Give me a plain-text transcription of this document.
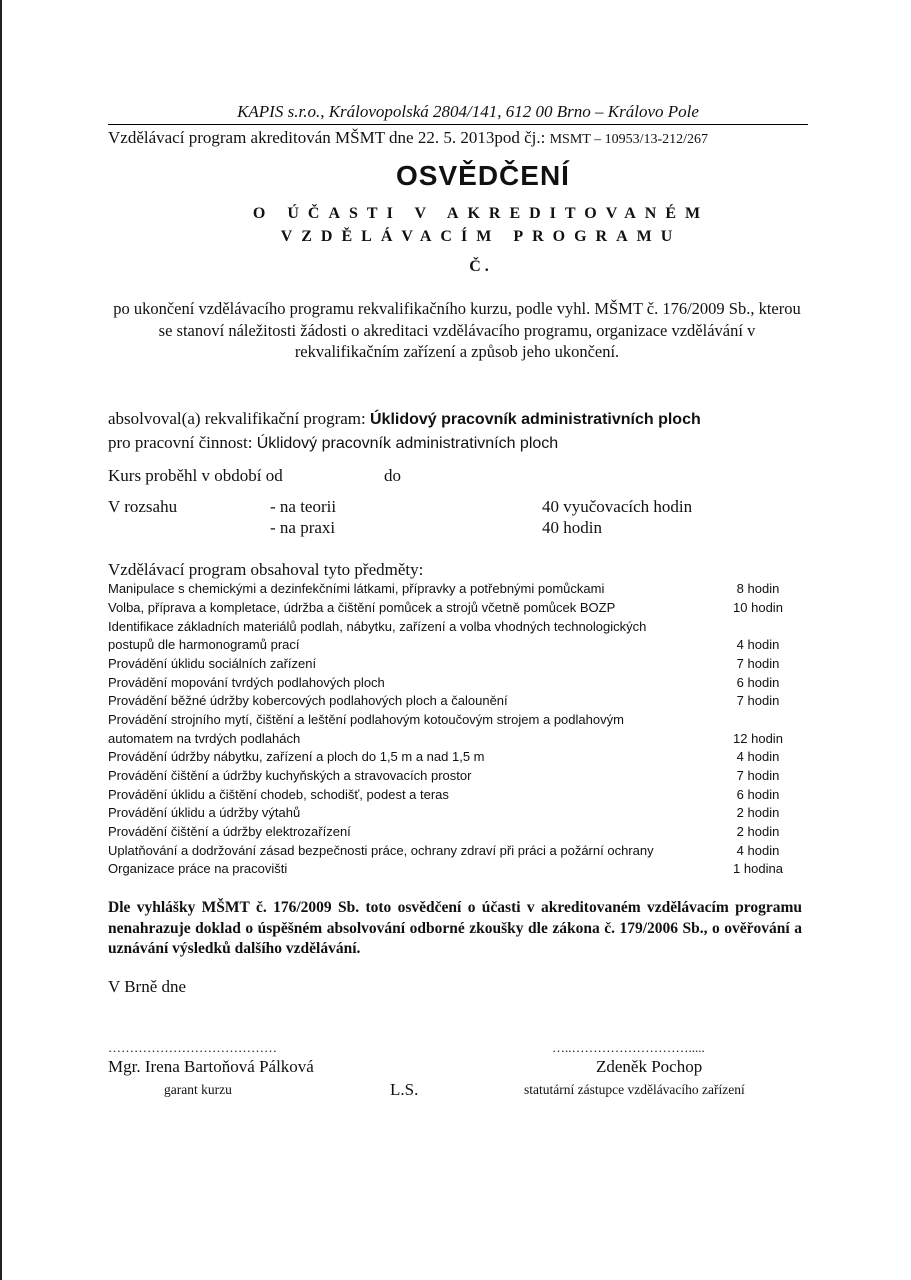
KAPIS s.r.o., Královopolská 2804/141, 612 00 Brno – Královo Pole
Vzdělávací program akreditován MŠMT dne 22. 5. 2013pod čj.: MSMT – 10953/13-212/267
OSVĚDČENÍ
O ÚČASTI V AKREDITOVANÉM
VZDĚLÁVACÍM PROGRAMU
Č.
po ukončení vzdělávacího programu rekvalifikačního kurzu, podle vyhl. MŠMT č. 176/2009 Sb., kterou se stanoví náležitosti žádosti o akreditaci vzdělávacího programu, organizace vzdělávání v rekvalifikačním zařízení a způsob jeho ukončení.
absolvoval(a) rekvalifikační program: Úklidový pracovník administrativních ploch
pro pracovní činnost: Úklidový pracovník administrativních ploch
Kurs proběhl v období od	do
V rozsahu	- na teorii	40 vyučovacích hodin
- na praxi	40 hodin
Vzdělávací program obsahoval tyto předměty:
Manipulace s chemickými a dezinfekčními látkami, přípravky a potřebnými pomůckami	8 hodin
Volba, příprava a kompletace, údržba a čištění pomůcek a strojů včetně pomůcek BOZP	10 hodin
Identifikace základních materiálů podlah, nábytku, zařízení a volba vhodných technologických
postupů dle harmonogramů prací	4 hodin
Provádění úklidu sociálních zařízení	7 hodin
Provádění mopování tvrdých podlahových ploch	6 hodin
Provádění běžné údržby kobercových podlahových ploch a čalounění	7 hodin
Provádění strojního mytí, čištění a leštění podlahovým kotoučovým strojem a podlahovým
automatem na tvrdých podlahách	12 hodin
Provádění údržby nábytku, zařízení a ploch do 1,5 m a nad 1,5 m	4 hodin
Provádění čištění a údržby kuchyňských a stravovacích prostor	7 hodin
Provádění úklidu a čištění chodeb, schodišť, podest a teras	6 hodin
Provádění úklidu a údržby výtahů	2 hodin
Provádění čištění a údržby elektrozařízení	2 hodin
Uplatňování a dodržování zásad bezpečnosti práce, ochrany zdraví při práci a požární ochrany	4 hodin
Organizace práce na pracovišti	1 hodina
Dle vyhlášky MŠMT č. 176/2009 Sb. toto osvědčení o účasti v akreditovaném vzdělávacím programu nenahrazuje doklad o úspěšném absolvování odborné zkoušky dle zákona č. 179/2006 Sb., o ověřování a uznávání výsledků dalšího vzdělávání.
V Brně dne
…………………………………
Mgr. Irena Bartoňová Pálková
garant kurzu	L.S.
…..……………………….....
Zdeněk Pochop
statutární zástupce vzdělávacího zařízení
